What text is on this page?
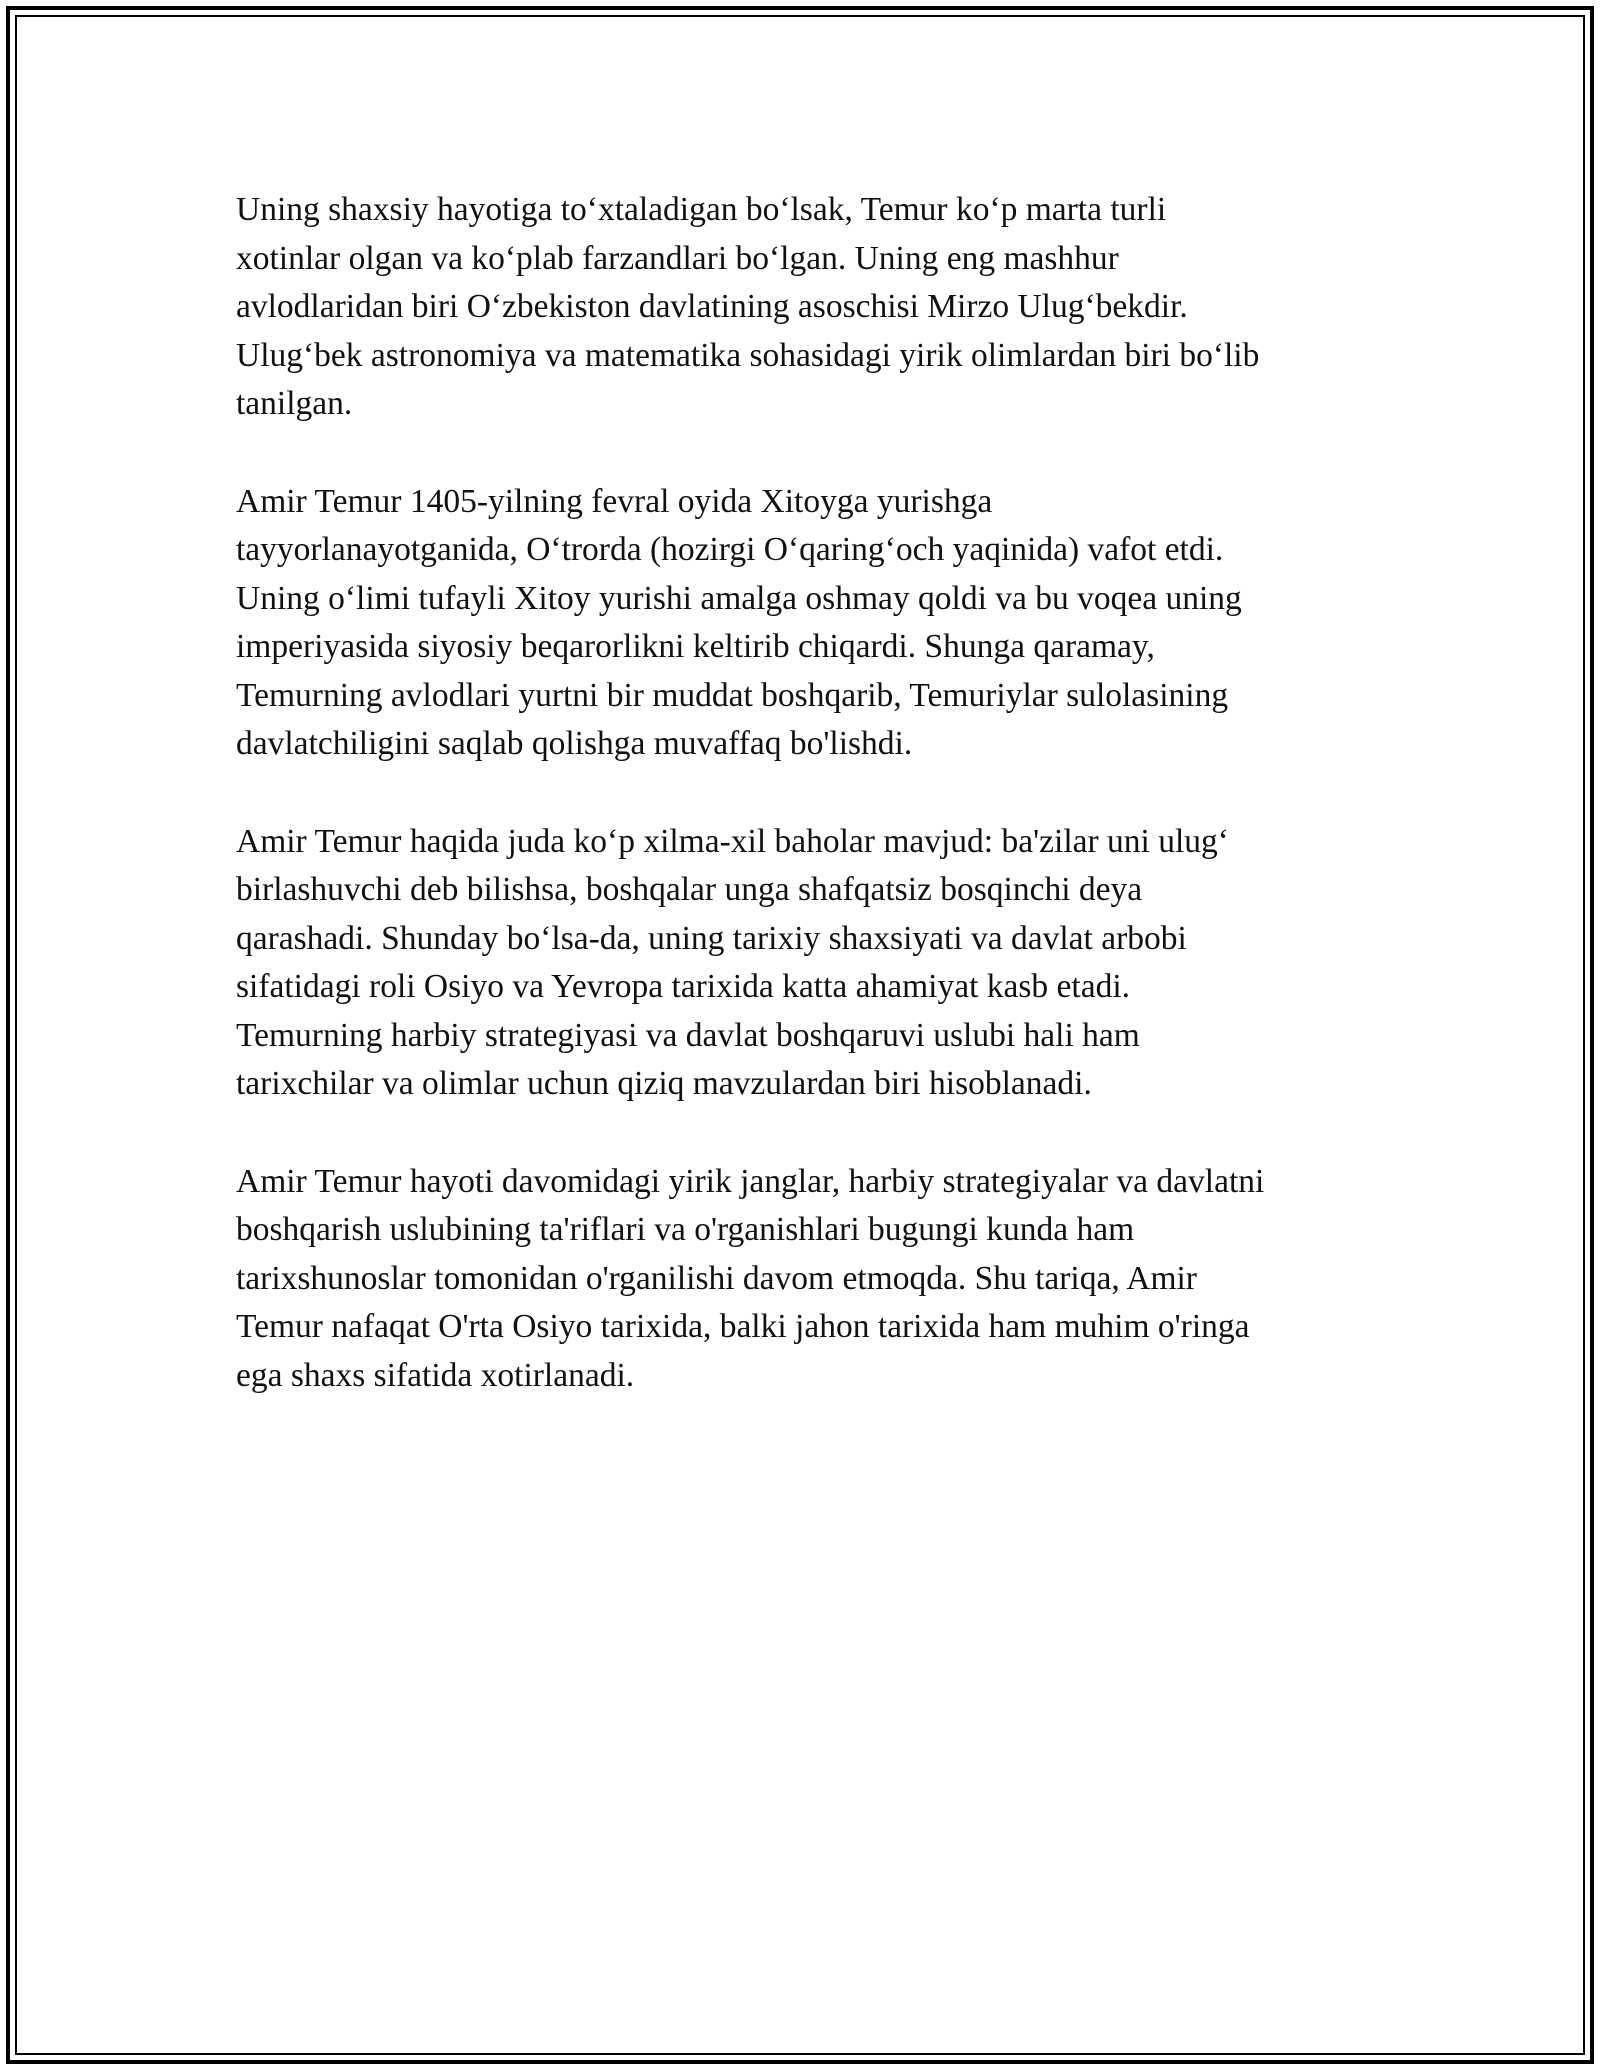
Uning shaxsiy hayotiga to‘xtaladigan bo‘lsak, Temur ko‘p marta turli
xotinlar olgan va ko‘plab farzandlari bo‘lgan. Uning eng mashhur
avlodlaridan biri O‘zbekiston davlatining asoschisi Mirzo Ulug‘bekdir.
Ulug‘bek astronomiya va matematika sohasidagi yirik olimlardan biri bo‘lib
tanilgan.

Amir Temur 1405-yilning fevral oyida Xitoyga yurishga
tayyorlanayotganida, O‘trorda (hozirgi O‘qaring‘och yaqinida) vafot etdi.
Uning o‘limi tufayli Xitoy yurishi amalga oshmay qoldi va bu voqea uning
imperiyasida siyosiy beqarorlikni keltirib chiqardi. Shunga qaramay,
Temurning avlodlari yurtni bir muddat boshqarib, Temuriylar sulolasining
davlatchiligini saqlab qolishga muvaffaq bo'lishdi.

Amir Temur haqida juda ko‘p xilma-xil baholar mavjud: ba'zilar uni ulug‘
birlashuvchi deb bilishsa, boshqalar unga shafqatsiz bosqinchi deya
qarashadi. Shunday bo‘lsa-da, uning tarixiy shaxsiyati va davlat arbobi
sifatidagi roli Osiyo va Yevropa tarixida katta ahamiyat kasb etadi.
Temurning harbiy strategiyasi va davlat boshqaruvi uslubi hali ham
tarixchilar va olimlar uchun qiziq mavzulardan biri hisoblanadi.

Amir Temur hayoti davomidagi yirik janglar, harbiy strategiyalar va davlatni
boshqarish uslubining ta'riflari va o'rganishlari bugungi kunda ham
tarixshunoslar tomonidan o'rganilishi davom etmoqda. Shu tariqa, Amir
Temur nafaqat O'rta Osiyo tarixida, balki jahon tarixida ham muhim o'ringa
ega shaxs sifatida xotirlanadi.
